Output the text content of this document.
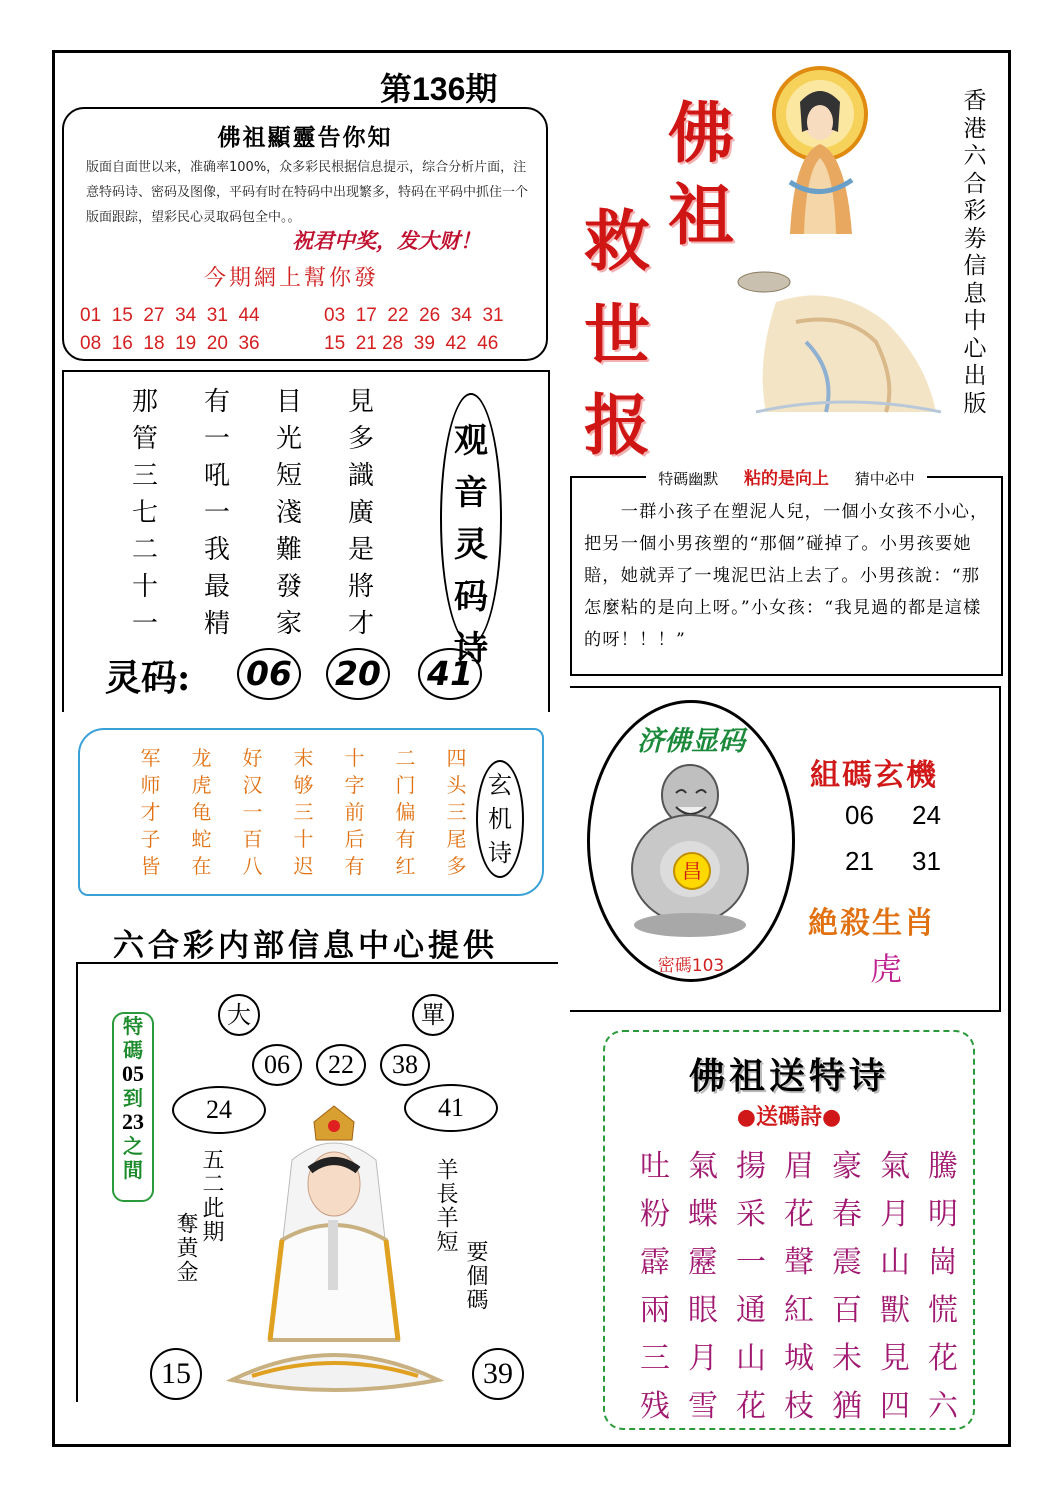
第136期
佛祖顯靈告你知
版面自面世以来，准确率100%，众多彩民根据信息提示，综合分析片面，注意特码诗、密码及图像，平码有时在特码中出现繁多，特码在平码中抓住一个版面跟踪，望彩民心灵取码包全中。。
祝君中奖，发大财！
今期網上幫你發
01  15  27  34  31  44	03  17  22  26  34  31
08  16  18  19  20  36	15  21 28  39  42  46
佛
祖
救
世
报
香港六合彩劵信息中心出版
那	有	目	見
管	一	光	多
三	吼	短	識
七	一	淺	廣
二	我	難	是
十	最	發	將
一	精	家	才
观
音
灵
码
诗
灵码: 06 20 41
特碼幽默 　 粘的是向上 　 猜中必中
　　一群小孩子在塑泥人兒，一個小女孩不小心，把另一個小男孩塑的“那個”碰掉了。小男孩要她賠，她就弄了一塊泥巴沾上去了。小男孩說：“那怎麼粘的是向上呀。”小女孩：“我見過的都是這樣的呀！！！”
军	龙	好	末	十	二	四
师	虎	汉	够	字	门	头
才	龟	一	三	前	偏	三
子	蛇	百	十	后	有	尾
皆	在	八	迟	有	红	多
玄
机
诗
六合彩内部信息中心提供
济佛显码
昌
密碼103
組碼玄機
06 24
21 31
絶殺生肖
虎
大	單
06	22	38
24	41
15	39
特
碼
05
到
23
之
間	五二此期
奪黄金	羊長羊短
要個碼
佛祖送特诗
●送碼詩●
吐 氣 揚 眉 豪 氣 騰
粉 蝶 采 花 春 月 明
霹 靂 一 聲 震 山 崗
兩 眼 通 紅 百 獸 慌
三 月 山 城 未 見 花
残 雪 花 枝 猶 四 六
